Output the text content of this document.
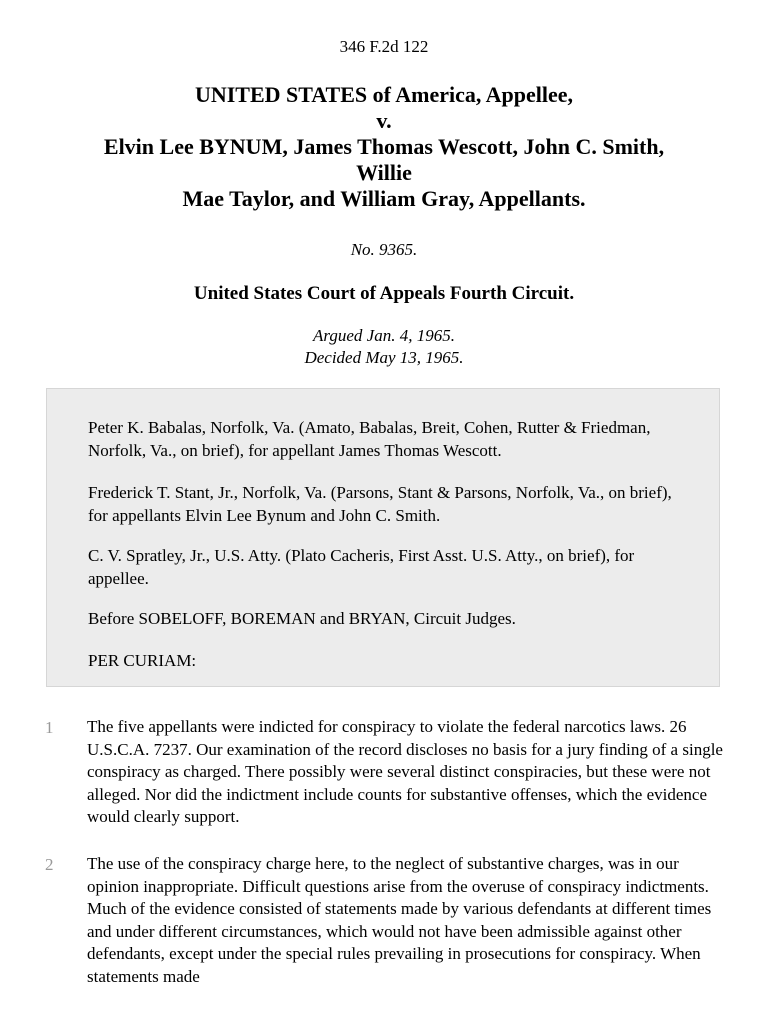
346 F.2d 122
UNITED STATES of America, Appellee,
v.
Elvin Lee BYNUM, James Thomas Wescott, John C. Smith,
Willie
Mae Taylor, and William Gray, Appellants.
No. 9365.
United States Court of Appeals Fourth Circuit.
Argued Jan. 4, 1965.
Decided May 13, 1965.

Peter K. Babalas, Norfolk, Va. (Amato, Babalas, Breit, Cohen, Rutter & Friedman, Norfolk, Va., on brief), for appellant James Thomas Wescott.

Frederick T. Stant, Jr., Norfolk, Va. (Parsons, Stant & Parsons, Norfolk, Va., on brief), for appellants Elvin Lee Bynum and John C. Smith.

C. V. Spratley, Jr., U.S. Atty. (Plato Cacheris, First Asst. U.S. Atty., on brief), for appellee.

Before SOBELOFF, BOREMAN and BRYAN, Circuit Judges.

PER CURIAM:

1 The five appellants were indicted for conspiracy to violate the federal narcotics laws. 26 U.S.C.A. 7237. Our examination of the record discloses no basis for a jury finding of a single conspiracy as charged. There possibly were several distinct conspiracies, but these were not alleged. Nor did the indictment include counts for substantive offenses, which the evidence would clearly support.

2 The use of the conspiracy charge here, to the neglect of substantive charges, was in our opinion inappropriate. Difficult questions arise from the overuse of conspiracy indictments. Much of the evidence consisted of statements made by various defendants at different times and under different circumstances, which would not have been admissible against other defendants, except under the special rules prevailing in prosecutions for conspiracy. When statements made
